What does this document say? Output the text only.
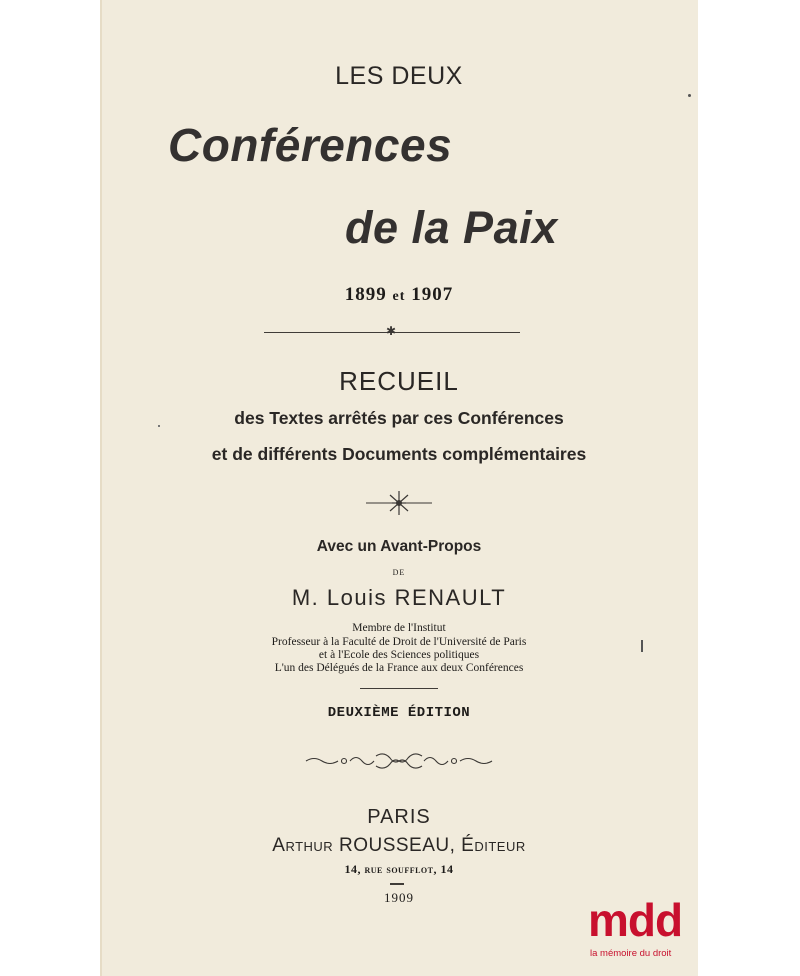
LES DEUX
Conférences
de la Paix
1899 et 1907
✱
RECUEIL
des Textes arrêtés par ces Conférences
et de différents Documents complémentaires
Avec un Avant-Propos
DE
M. Louis RENAULT
Membre de l'Institut
Professeur à la Faculté de Droit de l'Université de Paris
et à l'Ecole des Sciences politiques
L'un des Délégués de la France aux deux Conférences
DEUXIÈME ÉDITION
PARIS
Arthur ROUSSEAU, Éditeur
14, rue soufflot, 14
1909	mdd
la mémoire du droit
